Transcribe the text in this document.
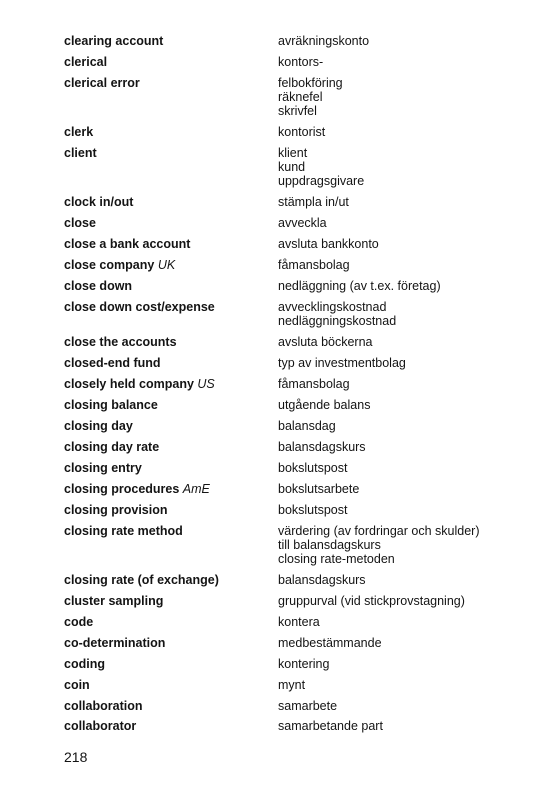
clearing account	avräkningskonto
clerical	kontors-
clerical error	felbokföring
räknefel
skrivfel
clerk	kontorist
client	klient
kund
uppdragsgivare
clock in/out	stämpla in/ut
close	avveckla
close a bank account	avsluta bankkonto
close company UK	fåmansbolag
close down	nedläggning (av t.ex. företag)
close down cost/expense	avvecklingskostnad
nedläggningskostnad
close the accounts	avsluta böckerna
closed-end fund	typ av investmentbolag
closely held company US	fåmansbolag
closing balance	utgående balans
closing day	balansdag
closing day rate	balansdagskurs
closing entry	bokslutspost
closing procedures AmE	bokslutsarbete
closing provision	bokslutspost
closing rate method	värdering (av fordringar och skulder)
till balansdagskurs
closing rate-metoden
closing rate (of exchange)	balansdagskurs
cluster sampling	gruppurval (vid stickprovstagning)
code	kontera
co-determination	medbestämmande
coding	kontering
coin	mynt
collaboration	samarbete
collaborator	samarbetande part
218
